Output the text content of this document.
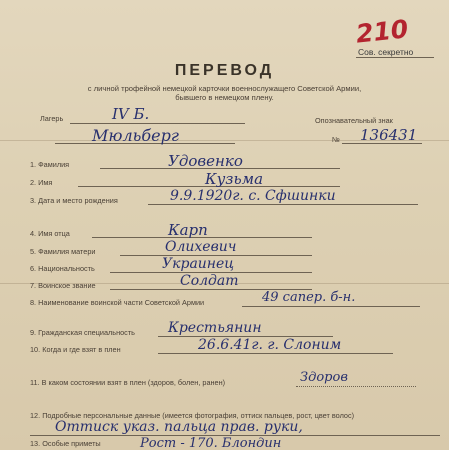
210
Сов. секретно
ПЕРЕВОД
с личной трофейной немецкой карточки военнослужащего Советской Армии,
бывшего в немецком плену.
Лагерь	IV Б.
Мюльберг
Опознавательный знак
№ 136431
1. Фамилия	Удовенко
2. Имя	Кузьма
3. Дата и место рождения	9.9.1920г. с. Сфшинки
4. Имя отца	Карп
5. Фамилия матери	Олихевич
6. Национальность	Украинец
7. Воинское звание	Солдат
8. Наименование воинской части Советской Армии	49 сапер. б-н.
9. Гражданская специальность Крестьянин
10. Когда и где взят в плен	26.6.41г. г. Слоним
11. В каком состоянии взят в плен (здоров, болен, ранен)	Здоров
12. Подробные персональные данные (имеется фотография, оттиск пальцев, рост, цвет волос)
Оттиск указ. пальца прав. руки,
13. Особые приметы	Рост - 170. Блондин
